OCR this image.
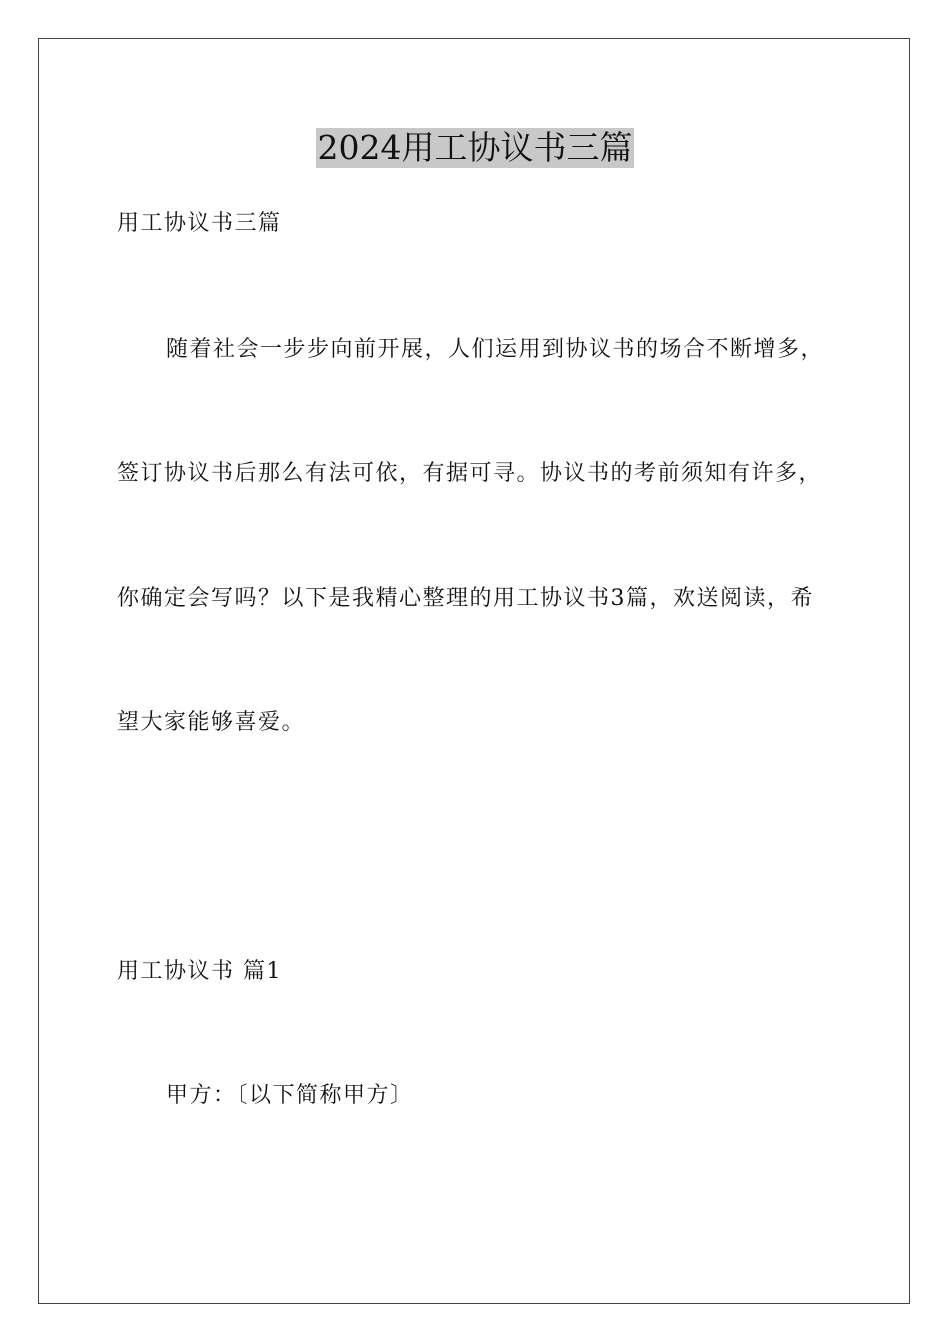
2024用工协议书三篇

用工协议书三篇

随着社会一步步向前开展，人们运用到协议书的场合不断增多，

签订协议书后那么有法可依，有据可寻。协议书的考前须知有许多，

你确定会写吗？以下是我精心整理的用工协议书3篇，欢送阅读，希

望大家能够喜爱。

用工协议书 篇1

甲方：〔以下简称甲方〕
